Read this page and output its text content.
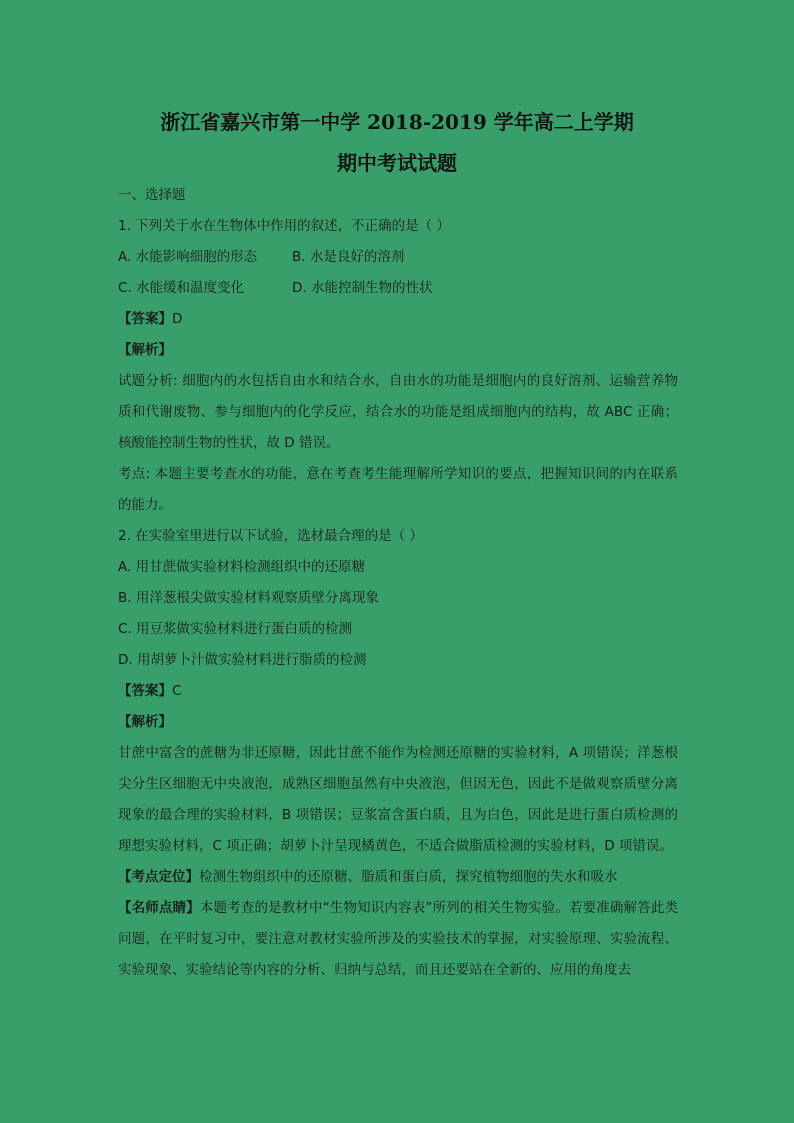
浙江省嘉兴市第一中学 2018-2019 学年高二上学期
期中考试试题
一、选择题
1. 下列关于水在生物体中作用的叙述，不正确的是（ ）
A. 水能影响细胞的形态	B. 水是良好的溶剂
C. 水能缓和温度变化	D. 水能控制生物的性状
【答案】D
【解析】
试题分析: 细胞内的水包括自由水和结合水，自由水的功能是细胞内的良好溶剂、运输营养物质和代谢废物、参与细胞内的化学反应，结合水的功能是组成细胞内的结构，故 ABC 正确；核酸能控制生物的性状，故 D 错误。
考点: 本题主要考查水的功能，意在考查考生能理解所学知识的要点，把握知识间的内在联系的能力。
2. 在实验室里进行以下试验，选材最合理的是（ ）
A. 用甘蔗做实验材料检测组织中的还原糖
B. 用洋葱根尖做实验材料观察质壁分离现象
C. 用豆浆做实验材料进行蛋白质的检测
D. 用胡萝卜汁做实验材料进行脂质的检测
【答案】C
【解析】
甘蔗中富含的蔗糖为非还原糖，因此甘蔗不能作为检测还原糖的实验材料，A 项错误；洋葱根尖分生区细胞无中央液泡，成熟区细胞虽然有中央液泡，但因无色，因此不是做观察质壁分离现象的最合理的实验材料，B 项错误；豆浆富含蛋白质，且为白色，因此是进行蛋白质检测的理想实验材料，C 项正确；胡萝卜汁呈现橘黄色，不适合做脂质检测的实验材料，D 项错误。
【考点定位】检测生物组织中的还原糖、脂质和蛋白质，探究植物细胞的失水和吸水
【名师点睛】本题考查的是教材中“生物知识内容表”所列的相关生物实验。若要准确解答此类问题，在平时复习中，要注意对教材实验所涉及的实验技术的掌握，对实验原理、实验流程、实验现象、实验结论等内容的分析、归纳与总结，而且还要站在全新的、应用的角度去
